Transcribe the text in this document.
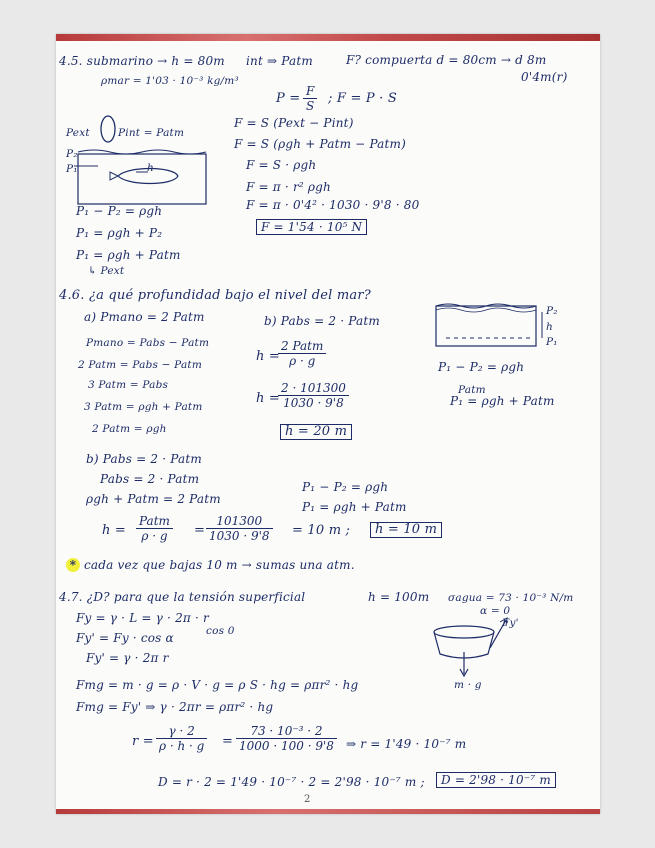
4.5. submarino → h = 80m int ⇒ Patm	F? compuerta d = 80cm → d 8m
0'4m(r)
ρmar = 1'03 · 10⁻³ kg/m³
$P = \frac{F}{S}$ ; F = P · S
Pext	Pint = Patm
P₂
P₁	h
F = S (Pext − Pint)
F = S (ρgh + Patm − Patm)
F = S · ρgh
F = π · r² ρgh
F = π · 0'4² · 1030 · 9'8 · 80
F = 1'54 · 10⁵ N
P₁ − P₂ = ρgh
P₁ = ρgh + P₂
P₁ = ρgh + Patm
↳ Pext
4.6. ¿a qué profundidad bajo el nivel del mar?
a) Pmano = 2 Patm	b) Pabs = 2 · Patm
Pmano = Pabs − Patm
2 Patm = Pabs − Patm
3 Patm = Pabs
3 Patm = ρgh + Patm
2 Patm = ρgh
h =
2 Patm
ρ · g
h =
$\frac{2 \cdot 101300}{1030 \cdot 9'8}$
h = 20 m
P₂
h
P₁
P₁ − P₂ = ρgh
Patm
P₁ = ρgh + Patm
b) Pabs = 2 · Patm
Pabs = 2 · Patm
ρgh + Patm = 2 Patm
P₁ − P₂ = ρgh
P₁ = ρgh + Patm
h =
Patm
ρ · g	= $\frac{101300}{1030 \cdot 9'8} = 10$ m ;	h = 10 m
* cada vez que bajas 10 m → sumas una atm.
4.7. ¿D? para que la tensión superficial	h = 100m σagua = 73 · 10⁻³ N/m
α = 0
Fy'
m · g
Fy = γ · L = γ · 2π · r
Fy' = Fy · cos α	cos 0
Fy' = γ · 2π r
Fmg = m · g = ρ · V · g = ρ S · hg = ρπr² · hg
Fmg = Fy' ⇒ γ · 2πr = ρπr² · hg
$r = \frac{\gamma \cdot 2}{\rho \cdot h \cdot g} = \frac{\text{73 · 10⁻³ · 2}}{1000 \cdot 100 \cdot 9'8}$ ⇒ r = 1'49 · 10⁻⁷ m
D = r · 2 = 1'49 · 10⁻⁷ · 2 = 2'98 · 10⁻⁷ m ;	D = 2'98 · 10⁻⁷ m
2
